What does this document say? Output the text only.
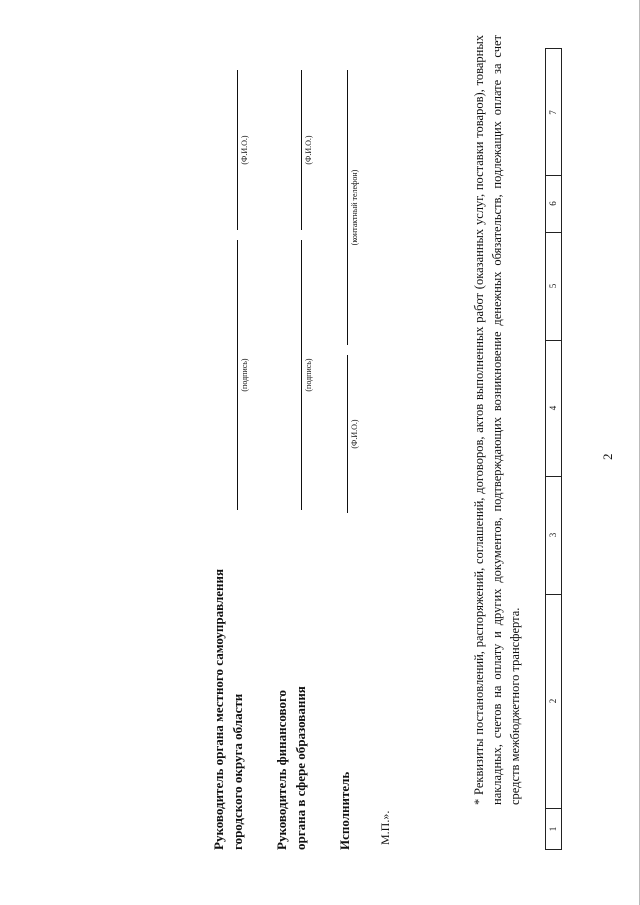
2
1
2
3
4
5
6
7
* Реквизиты постановлений, распоряжений, соглашений, договоров, актов выполненных работ (оказанных услуг, поставки товаров), товарных накладных, счетов на оплату и других документов, подтверждающих возникновение денежных обязательств, подлежащих оплате за счет средств межбюджетного трансферта.
Руководитель органа местного самоуправления городского округа области
(подпись)
(Ф.И.О.)
Руководитель финансового органа в сфере образования
(подпись)
(Ф.И.О.)
Исполнитель
(Ф.И.О.)
(контактный телефон)
М.П.».
